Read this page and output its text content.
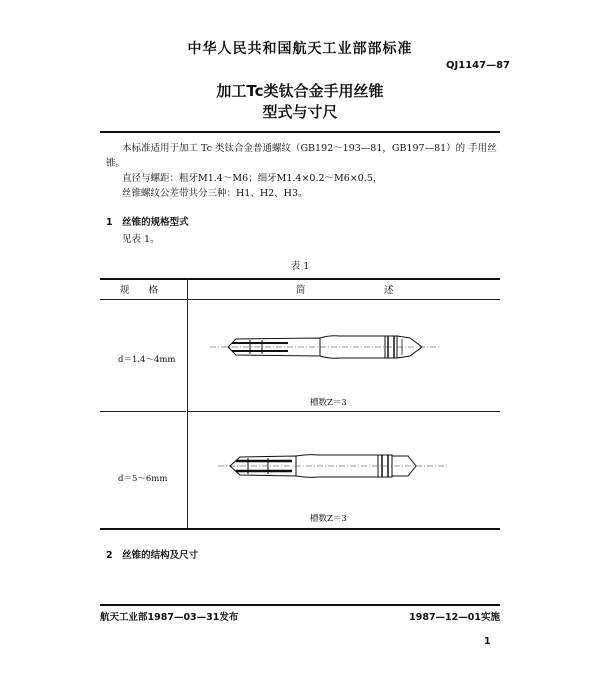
中华人民共和国航天工业部部标准
QJ1147—87
加工Tc类钛合金手用丝锥
型式与寸尺
本标准适用于加工 Tc 类钛合金普通螺纹（GB192～193—81，GB197—81）的 手用丝
锥。
直径与螺距：粗牙M1.4～M6；细牙M1.4×0.2～M6×0.5，
丝锥螺纹公差带共分三种：H1、H2、H3。
1　丝锥的规格型式
见表 1。
表 1
规　　格	简	述
d＝1.4～4mm
槽数Z＝3
d＝5～6mm
槽数Z＝3
2　丝锥的结构及尺寸
航天工业部1987—03—31发布	1987—12—01实施
1
